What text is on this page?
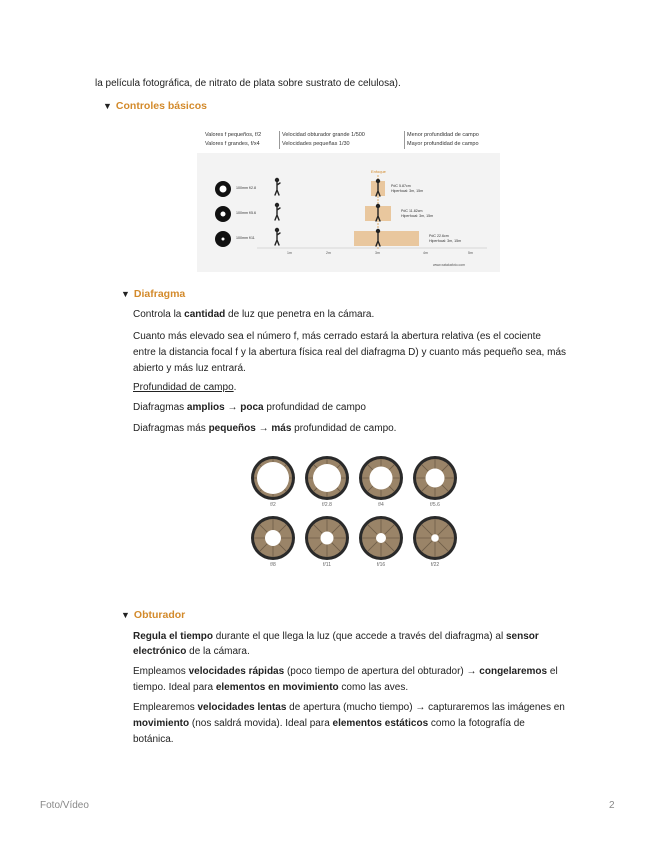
la película fotográfica, de nitrato de plata sobre sustrato de celulosa).

▼ Controles básicos
Valores f pequeños, f/2
Valores f grandes, f/x4
Velocidad obturador grande 1/500
Velocidades pequeñas 1/30
Menor profundidad de campo
Mayor profundidad de campo
Enfoque
100mm f/2.8
100mm f/5.6
100mm f/11
PdC 5.87cm
Hiperfocal: 3m, 15m
PdC 11.82cm
Hiperfocal: 3m, 15m
PdC 22.6cm
Hiperfocal: 3m, 15m
1m	2m	3m	4m	5m
www.xatakafoto.com
▼ Diafragma

Controla la cantidad de luz que penetra en la cámara.

Cuanto más elevado sea el número f, más cerrado estará la abertura relativa (es el cociente

entre la distancia focal f y la abertura física real del diafragma D) y cuanto más pequeño sea, más

abierto y más luz entrará.

Profundidad de campo.

Diafragmas amplios → poca profundidad de campo

Diafragmas más pequeños → más profundidad de campo.

f/2	f/2.8	f/4	f/5.6
f/8	f/11	f/16	f/22
▼ Obturador

Regula el tiempo durante el que llega la luz (que accede a través del diafragma) al sensor

electrónico de la cámara.

Empleamos velocidades rápidas (poco tiempo de apertura del obturador) → congelaremos el

tiempo. Ideal para elementos en movimiento como las aves.

Emplearemos velocidades lentas de apertura (mucho tiempo) → capturaremos las imágenes en

movimiento (nos saldrá movida). Ideal para elementos estáticos como la fotografía de

botánica.

Foto/Vídeo	2
